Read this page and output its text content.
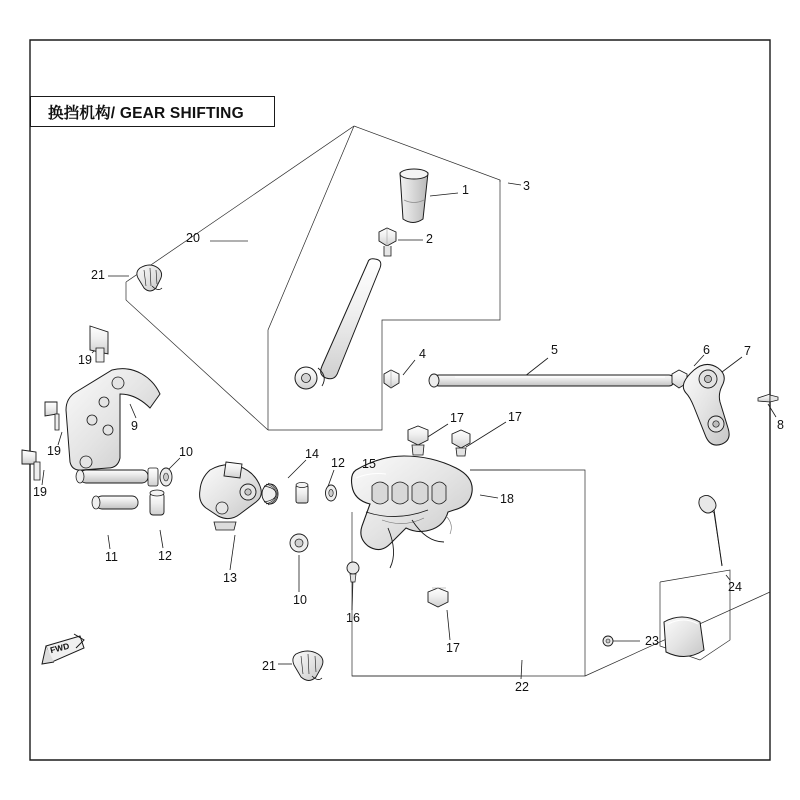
换挡机构/ GEAR SHIFTING
FWD
1	3
2
20
21
19	4	5	6	7
9
19
17	17
8
10	14
12 15
19	18
11	12
13
10
16
17
24
23
21
22
